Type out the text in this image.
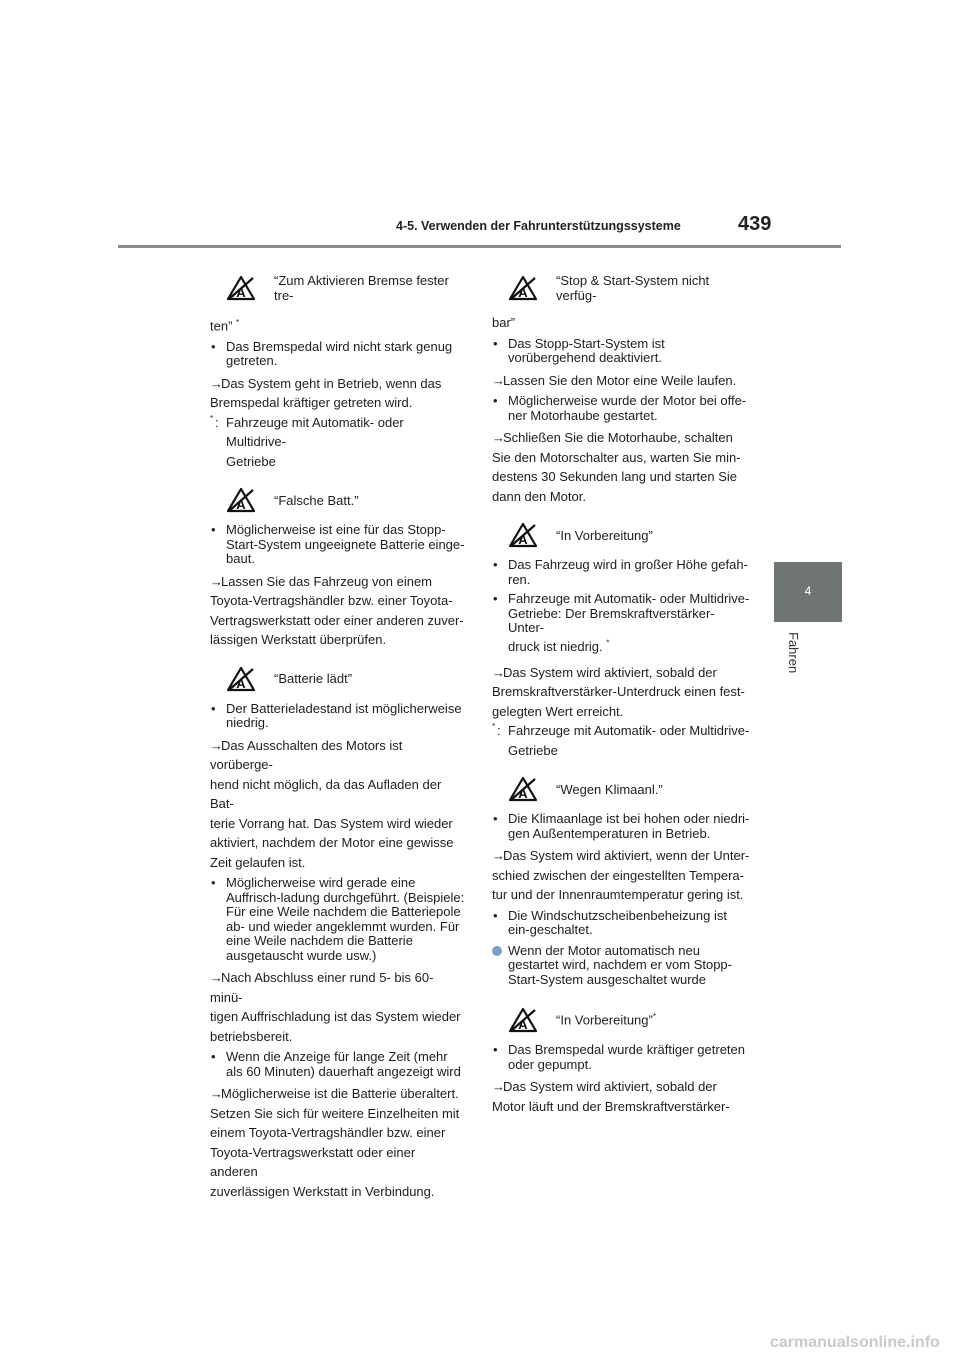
4-5. Verwenden der Fahrunterstützungssysteme	439
4
Fahren
“Zum Aktivieren Bremse fester tre-

ten” *

• Das Bremspedal wird nicht stark genug getreten.

→Das System geht in Betrieb, wenn das

Bremspedal kräftiger getreten wird.

* : Fahrzeuge mit Automatik- oder Multidrive-
Getriebe
“Falsche Batt.”
• Möglicherweise ist eine für das Stopp-Start-System ungeeignete Batterie einge-baut.

→Lassen Sie das Fahrzeug von einem

Toyota-Vertragshändler bzw. einer Toyota-

Vertragswerkstatt oder einer anderen zuver-

lässigen Werkstatt überprüfen.

“Batterie lädt”
• Der Batterieladestand ist möglicherweise niedrig.

→Das Ausschalten des Motors ist vorüberge-

hend nicht möglich, da das Aufladen der Bat-

terie Vorrang hat. Das System wird wieder

aktiviert, nachdem der Motor eine gewisse

Zeit gelaufen ist.

• Möglicherweise wird gerade eine Auffrisch-ladung durchgeführt. (Beispiele: Für eine Weile nachdem die Batteriepole ab- und wieder angeklemmt wurden. Für eine Weile nachdem die Batterie ausgetauscht wurde usw.)

→Nach Abschluss einer rund 5- bis 60-minü-

tigen Auffrischladung ist das System wieder

betriebsbereit.

• Wenn die Anzeige für lange Zeit (mehr als 60 Minuten) dauerhaft angezeigt wird

→Möglicherweise ist die Batterie überaltert.

Setzen Sie sich für weitere Einzelheiten mit

einem Toyota-Vertragshändler bzw. einer

Toyota-Vertragswerkstatt oder einer anderen

zuverlässigen Werkstatt in Verbindung.

“Stop & Start-System nicht verfüg-

bar”

• Das Stopp-Start-System ist vorübergehend deaktiviert.

→Lassen Sie den Motor eine Weile laufen.

• Möglicherweise wurde der Motor bei offe-ner Motorhaube gestartet.

→Schließen Sie die Motorhaube, schalten

Sie den Motorschalter aus, warten Sie min-

destens 30 Sekunden lang und starten Sie

dann den Motor.

“In Vorbereitung”
• Das Fahrzeug wird in großer Höhe gefah-ren.
• Fahrzeuge mit Automatik- oder Multidrive-Getriebe: Der Bremskraftverstärker-Unter-
druck ist niedrig. *

→Das System wird aktiviert, sobald der

Bremskraftverstärker-Unterdruck einen fest-

gelegten Wert erreicht.

* : Fahrzeuge mit Automatik- oder Multidrive-
Getriebe
“Wegen Klimaanl.”
• Die Klimaanlage ist bei hohen oder niedri-gen Außentemperaturen in Betrieb.

→Das System wird aktiviert, wenn der Unter-

schied zwischen der eingestellten Tempera-

tur und der Innenraumtemperatur gering ist.

• Die Windschutzscheibenbeheizung ist ein-geschaltet.
Wenn der Motor automatisch neu gestartet wird, nachdem er vom Stopp-Start-System ausgeschaltet wurde
“In Vorbereitung”*
• Das Bremspedal wurde kräftiger getreten oder gepumpt.

→Das System wird aktiviert, sobald der

Motor läuft und der Bremskraftverstärker-

carmanualsonline.info
